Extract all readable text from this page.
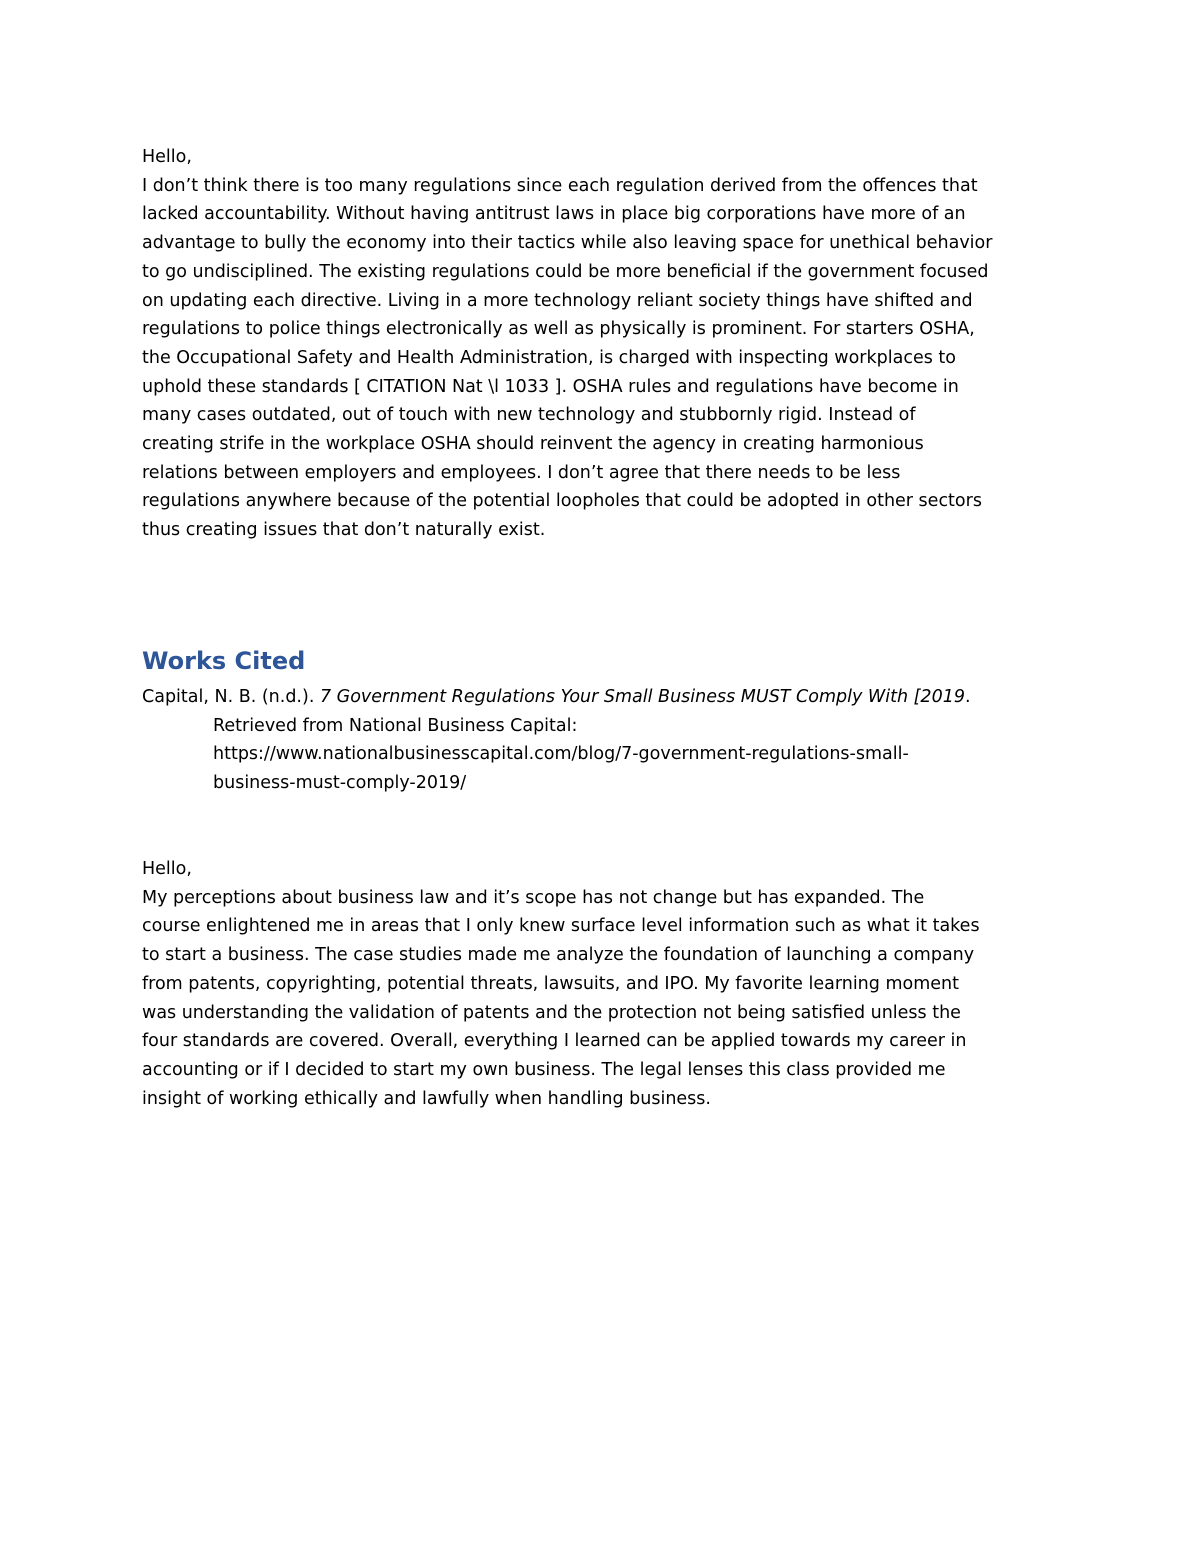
Hello,
I don’t think there is too many regulations since each regulation derived from the offences that
lacked accountability. Without having antitrust laws in place big corporations have more of an
advantage to bully the economy into their tactics while also leaving space for unethical behavior
to go undisciplined. The existing regulations could be more beneficial if the government focused
on updating each directive. Living in a more technology reliant society things have shifted and
regulations to police things electronically as well as physically is prominent. For starters OSHA,
the Occupational Safety and Health Administration, is charged with inspecting workplaces to
uphold these standards [ CITATION Nat \l 1033 ]. OSHA rules and regulations have become in
many cases outdated, out of touch with new technology and stubbornly rigid. Instead of
creating strife in the workplace OSHA should reinvent the agency in creating harmonious
relations between employers and employees. I don’t agree that there needs to be less
regulations anywhere because of the potential loopholes that could be adopted in other sectors
thus creating issues that don’t naturally exist.

Works Cited

Capital, N. B. (n.d.). 7 Government Regulations Your Small Business MUST Comply With [2019.
Retrieved from National Business Capital:
https://www.nationalbusinesscapital.com/blog/7-government-regulations-small-
business-must-comply-2019/

Hello,
My perceptions about business law and it’s scope has not change but has expanded. The
course enlightened me in areas that I only knew surface level information such as what it takes
to start a business. The case studies made me analyze the foundation of launching a company
from patents, copyrighting, potential threats, lawsuits, and IPO. My favorite learning moment
was understanding the validation of patents and the protection not being satisfied unless the
four standards are covered. Overall, everything I learned can be applied towards my career in
accounting or if I decided to start my own business. The legal lenses this class provided me
insight of working ethically and lawfully when handling business.
